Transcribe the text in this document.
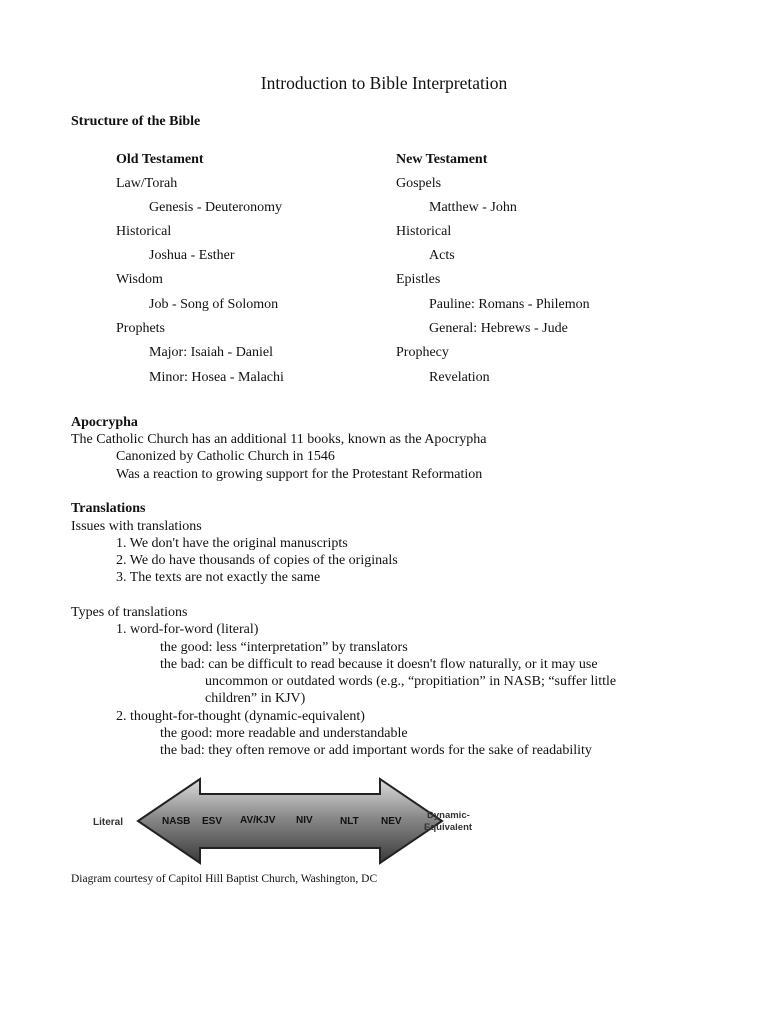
Introduction to Bible Interpretation
Structure of the Bible
Old Testament
Law/Torah
Genesis - Deuteronomy
Historical
Joshua - Esther
Wisdom
Job - Song of Solomon
Prophets
Major: Isaiah - Daniel
Minor: Hosea - Malachi
New Testament
Gospels
Matthew - John
Historical
Acts
Epistles
Pauline: Romans - Philemon
General: Hebrews - Jude
Prophecy
Revelation
Apocrypha
The Catholic Church has an additional 11 books, known as the Apocrypha
Canonized by Catholic Church in 1546
Was a reaction to growing support for the Protestant Reformation
Translations
Issues with translations
1. We don't have the original manuscripts
2. We do have thousands of copies of the originals
3. The texts are not exactly the same
Types of translations
1. word-for-word (literal)
the good: less “interpretation” by translators
the bad: can be difficult to read because it doesn't flow naturally, or it may use
uncommon or outdated words (e.g., “propitiation” in NASB; “suffer little
children” in KJV)
2. thought-for-thought (dynamic-equivalent)
the good: more readable and understandable
the bad: they often remove or add important words for the sake of readability
Literal
Dynamic-
Equivalent
NASB ESV AV/KJV NIV	NLT NEV
Diagram courtesy of Capitol Hill Baptist Church, Washington, DC
